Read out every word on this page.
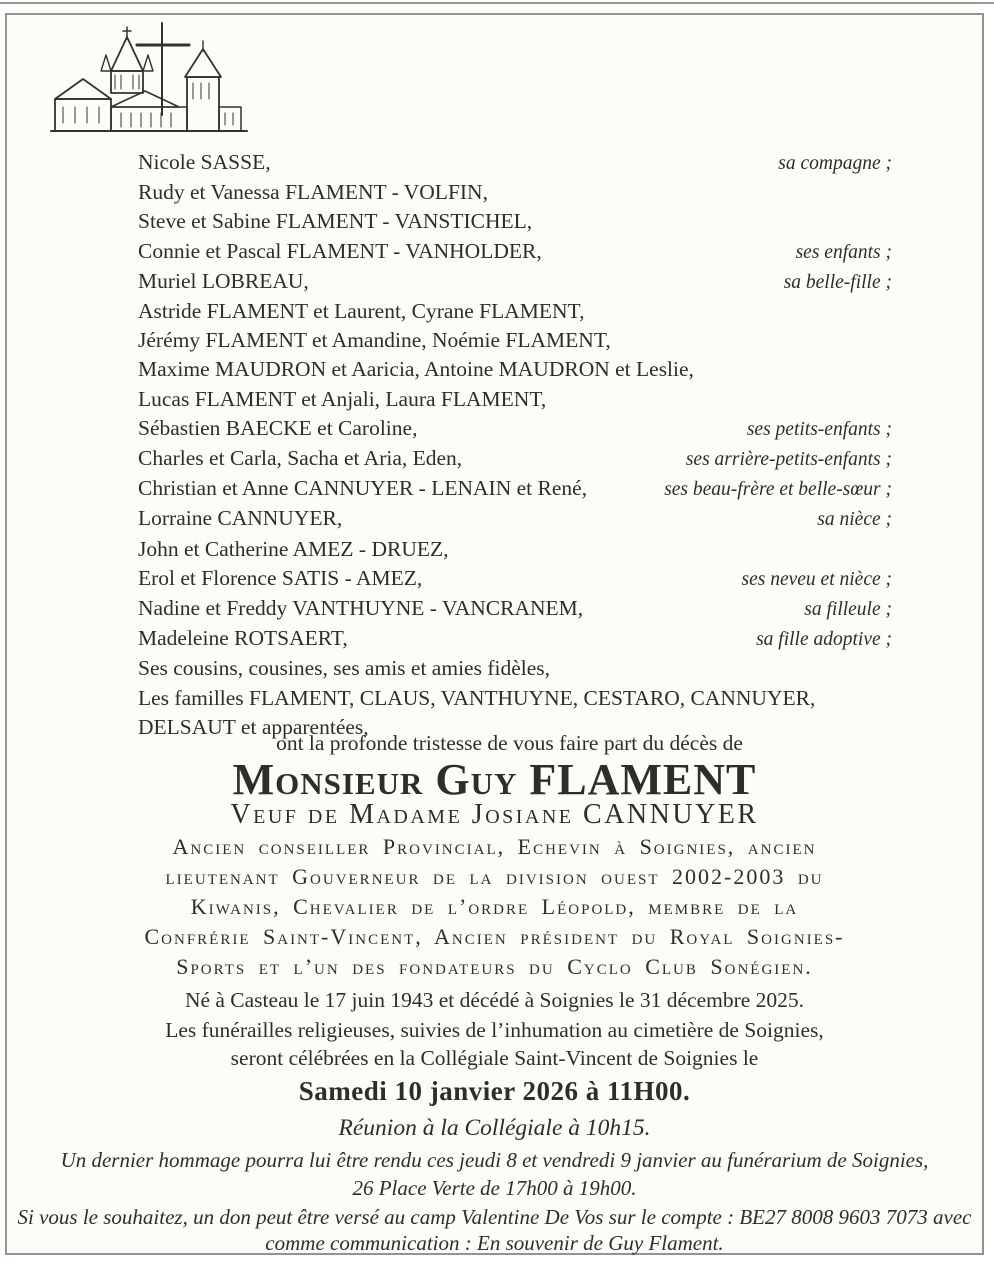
Nicole SASSE,	sa compagne ;
Rudy et Vanessa FLAMENT - VOLFIN,
Steve et Sabine FLAMENT - VANSTICHEL,
Connie et Pascal FLAMENT - VANHOLDER,	ses enfants ;
Muriel LOBREAU,	sa belle-fille ;
Astride FLAMENT et Laurent, Cyrane FLAMENT,
Jérémy FLAMENT et Amandine, Noémie FLAMENT,
Maxime MAUDRON et Aaricia, Antoine MAUDRON et Leslie,
Lucas FLAMENT et Anjali, Laura FLAMENT,
Sébastien BAECKE et Caroline,	ses petits-enfants ;
Charles et Carla, Sacha et Aria, Eden,	ses arrière-petits-enfants ;
Christian et Anne CANNUYER - LENAIN et René,	ses beau-frère et belle-sœur ;
Lorraine CANNUYER,	sa nièce ;
John et Catherine AMEZ - DRUEZ,
Erol et Florence SATIS - AMEZ,	ses neveu et nièce ;
Nadine et Freddy VANTHUYNE - VANCRANEM,	sa filleule ;
Madeleine ROTSAERT,	sa fille adoptive ;
Ses cousins, cousines, ses amis et amies fidèles,
Les familles FLAMENT, CLAUS, VANTHUYNE, CESTARO, CANNUYER,
DELSAUT et apparentées,
ont la profonde tristesse de vous faire part du décès de
Monsieur Guy FLAMENT
Veuf de Madame Josiane CANNUYER
Ancien conseiller Provincial, Echevin à Soignies, ancien
lieutenant Gouverneur de la division ouest 2002-2003 du
Kiwanis, Chevalier de l’ordre Léopold, membre de la
Confrérie Saint-Vincent, Ancien président du Royal Soignies-
Sports et l’un des fondateurs du Cyclo Club Sonégien.
Né à Casteau le 17 juin 1943 et décédé à Soignies le 31 décembre 2025.
Les funérailles religieuses, suivies de l’inhumation au cimetière de Soignies,
seront célébrées en la Collégiale Saint-Vincent de Soignies le
Samedi 10 janvier 2026 à 11H00.
Réunion à la Collégiale à 10h15.
Un dernier hommage pourra lui être rendu ces jeudi 8 et vendredi 9 janvier au funérarium de Soignies,
26 Place Verte de 17h00 à 19h00.
Si vous le souhaitez, un don peut être versé au camp Valentine De Vos sur le compte : BE27 8008 9603 7073 avec
comme communication : En souvenir de Guy Flament.
